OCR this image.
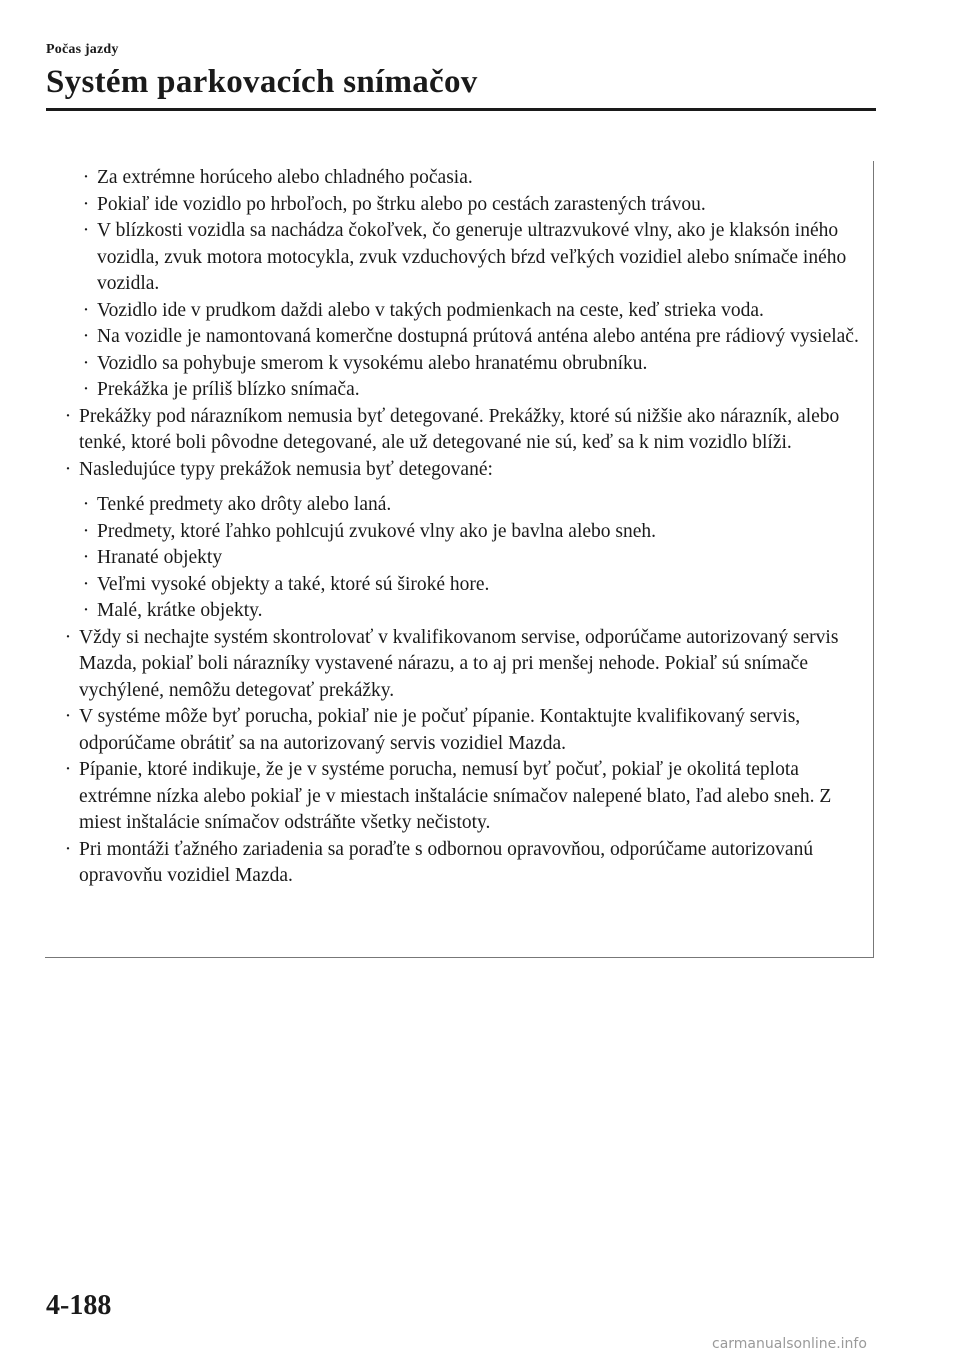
Počas jazdy
Systém parkovacích snímačov
· Za extrémne horúceho alebo chladného počasia.
· Pokiaľ ide vozidlo po hrboľoch, po štrku alebo po cestách zarastených trávou.
· V blízkosti vozidla sa nachádza čokoľvek, čo generuje ultrazvukové vlny, ako je klaksón iného vozidla, zvuk motora motocykla, zvuk vzduchových bŕzd veľkých vozidiel alebo snímače iného vozidla.
· Vozidlo ide v prudkom daždi alebo v takých podmienkach na ceste, keď strieka voda.
· Na vozidle je namontovaná komerčne dostupná prútová anténa alebo anténa pre rádiový vysielač.
· Vozidlo sa pohybuje smerom k vysokému alebo hranatému obrubníku.
· Prekážka je príliš blízko snímača.
· Prekážky pod nárazníkom nemusia byť detegované. Prekážky, ktoré sú nižšie ako nárazník, alebo tenké, ktoré boli pôvodne detegované, ale už detegované nie sú, keď sa k nim vozidlo blíži.
· Nasledujúce typy prekážok nemusia byť detegované:
· Tenké predmety ako drôty alebo laná.
· Predmety, ktoré ľahko pohlcujú zvukové vlny ako je bavlna alebo sneh.
· Hranaté objekty
· Veľmi vysoké objekty a také, ktoré sú široké hore.
· Malé, krátke objekty.
· Vždy si nechajte systém skontrolovať v kvalifikovanom servise, odporúčame autorizovaný servis Mazda, pokiaľ boli nárazníky vystavené nárazu, a to aj pri menšej nehode. Pokiaľ sú snímače vychýlené, nemôžu detegovať prekážky.
· V systéme môže byť porucha, pokiaľ nie je počuť pípanie. Kontaktujte kvalifikovaný servis, odporúčame obrátiť sa na autorizovaný servis vozidiel Mazda.
· Pípanie, ktoré indikuje, že je v systéme porucha, nemusí byť počuť, pokiaľ je okolitá teplota extrémne nízka alebo pokiaľ je v miestach inštalácie snímačov nalepené blato, ľad alebo sneh. Z miest inštalácie snímačov odstráňte všetky nečistoty.
· Pri montáži ťažného zariadenia sa poraďte s odbornou opravovňou, odporúčame autorizovanú opravovňu vozidiel Mazda.
4-188
carmanualsonline.info
